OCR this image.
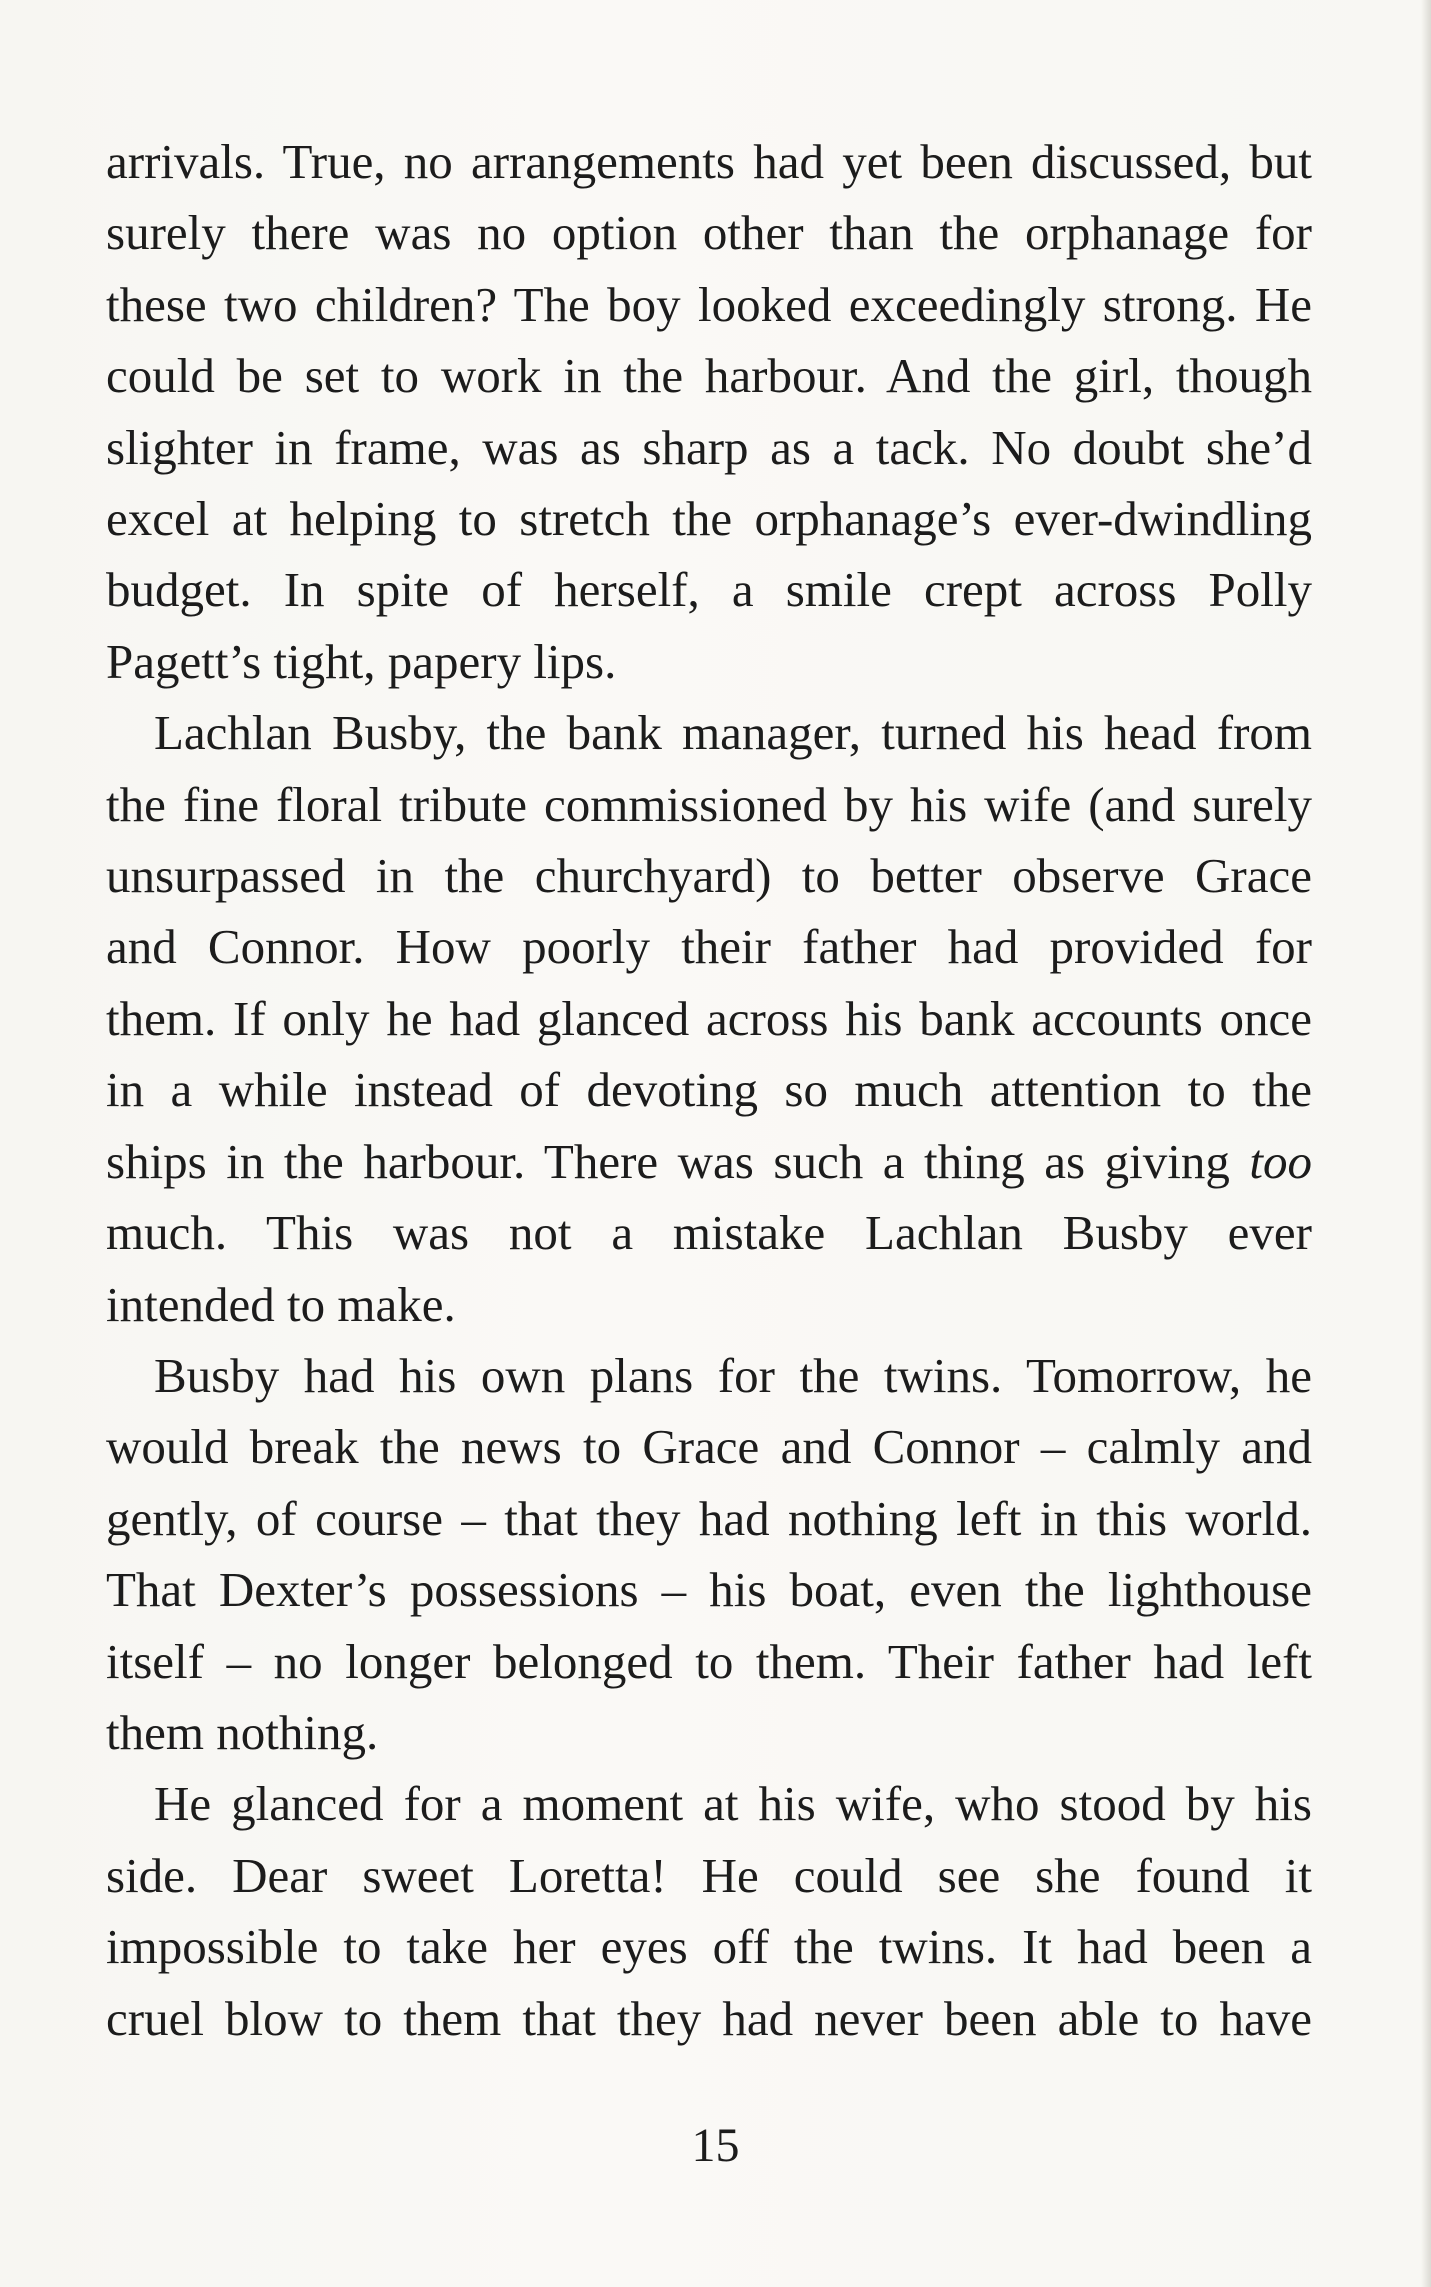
arrivals. True, no arrangements had yet been discussed, but
surely there was no option other than the orphanage for
these two children? The boy looked exceedingly strong. He
could be set to work in the harbour. And the girl, though
slighter in frame, was as sharp as a tack. No doubt she’d
excel at helping to stretch the orphanage’s ever-dwindling
budget. In spite of herself, a smile crept across Polly
Pagett’s tight, papery lips.
Lachlan Busby, the bank manager, turned his head from
the fine floral tribute commissioned by his wife (and surely
unsurpassed in the churchyard) to better observe Grace
and Connor. How poorly their father had provided for
them. If only he had glanced across his bank accounts once
in a while instead of devoting so much attention to the
ships in the harbour. There was such a thing as giving too
much. This was not a mistake Lachlan Busby ever
intended to make.
Busby had his own plans for the twins. Tomorrow, he
would break the news to Grace and Connor – calmly and
gently, of course – that they had nothing left in this world.
That Dexter’s possessions – his boat, even the lighthouse
itself – no longer belonged to them. Their father had left
them nothing.
He glanced for a moment at his wife, who stood by his
side. Dear sweet Loretta! He could see she found it
impossible to take her eyes off the twins. It had been a
cruel blow to them that they had never been able to have
15
